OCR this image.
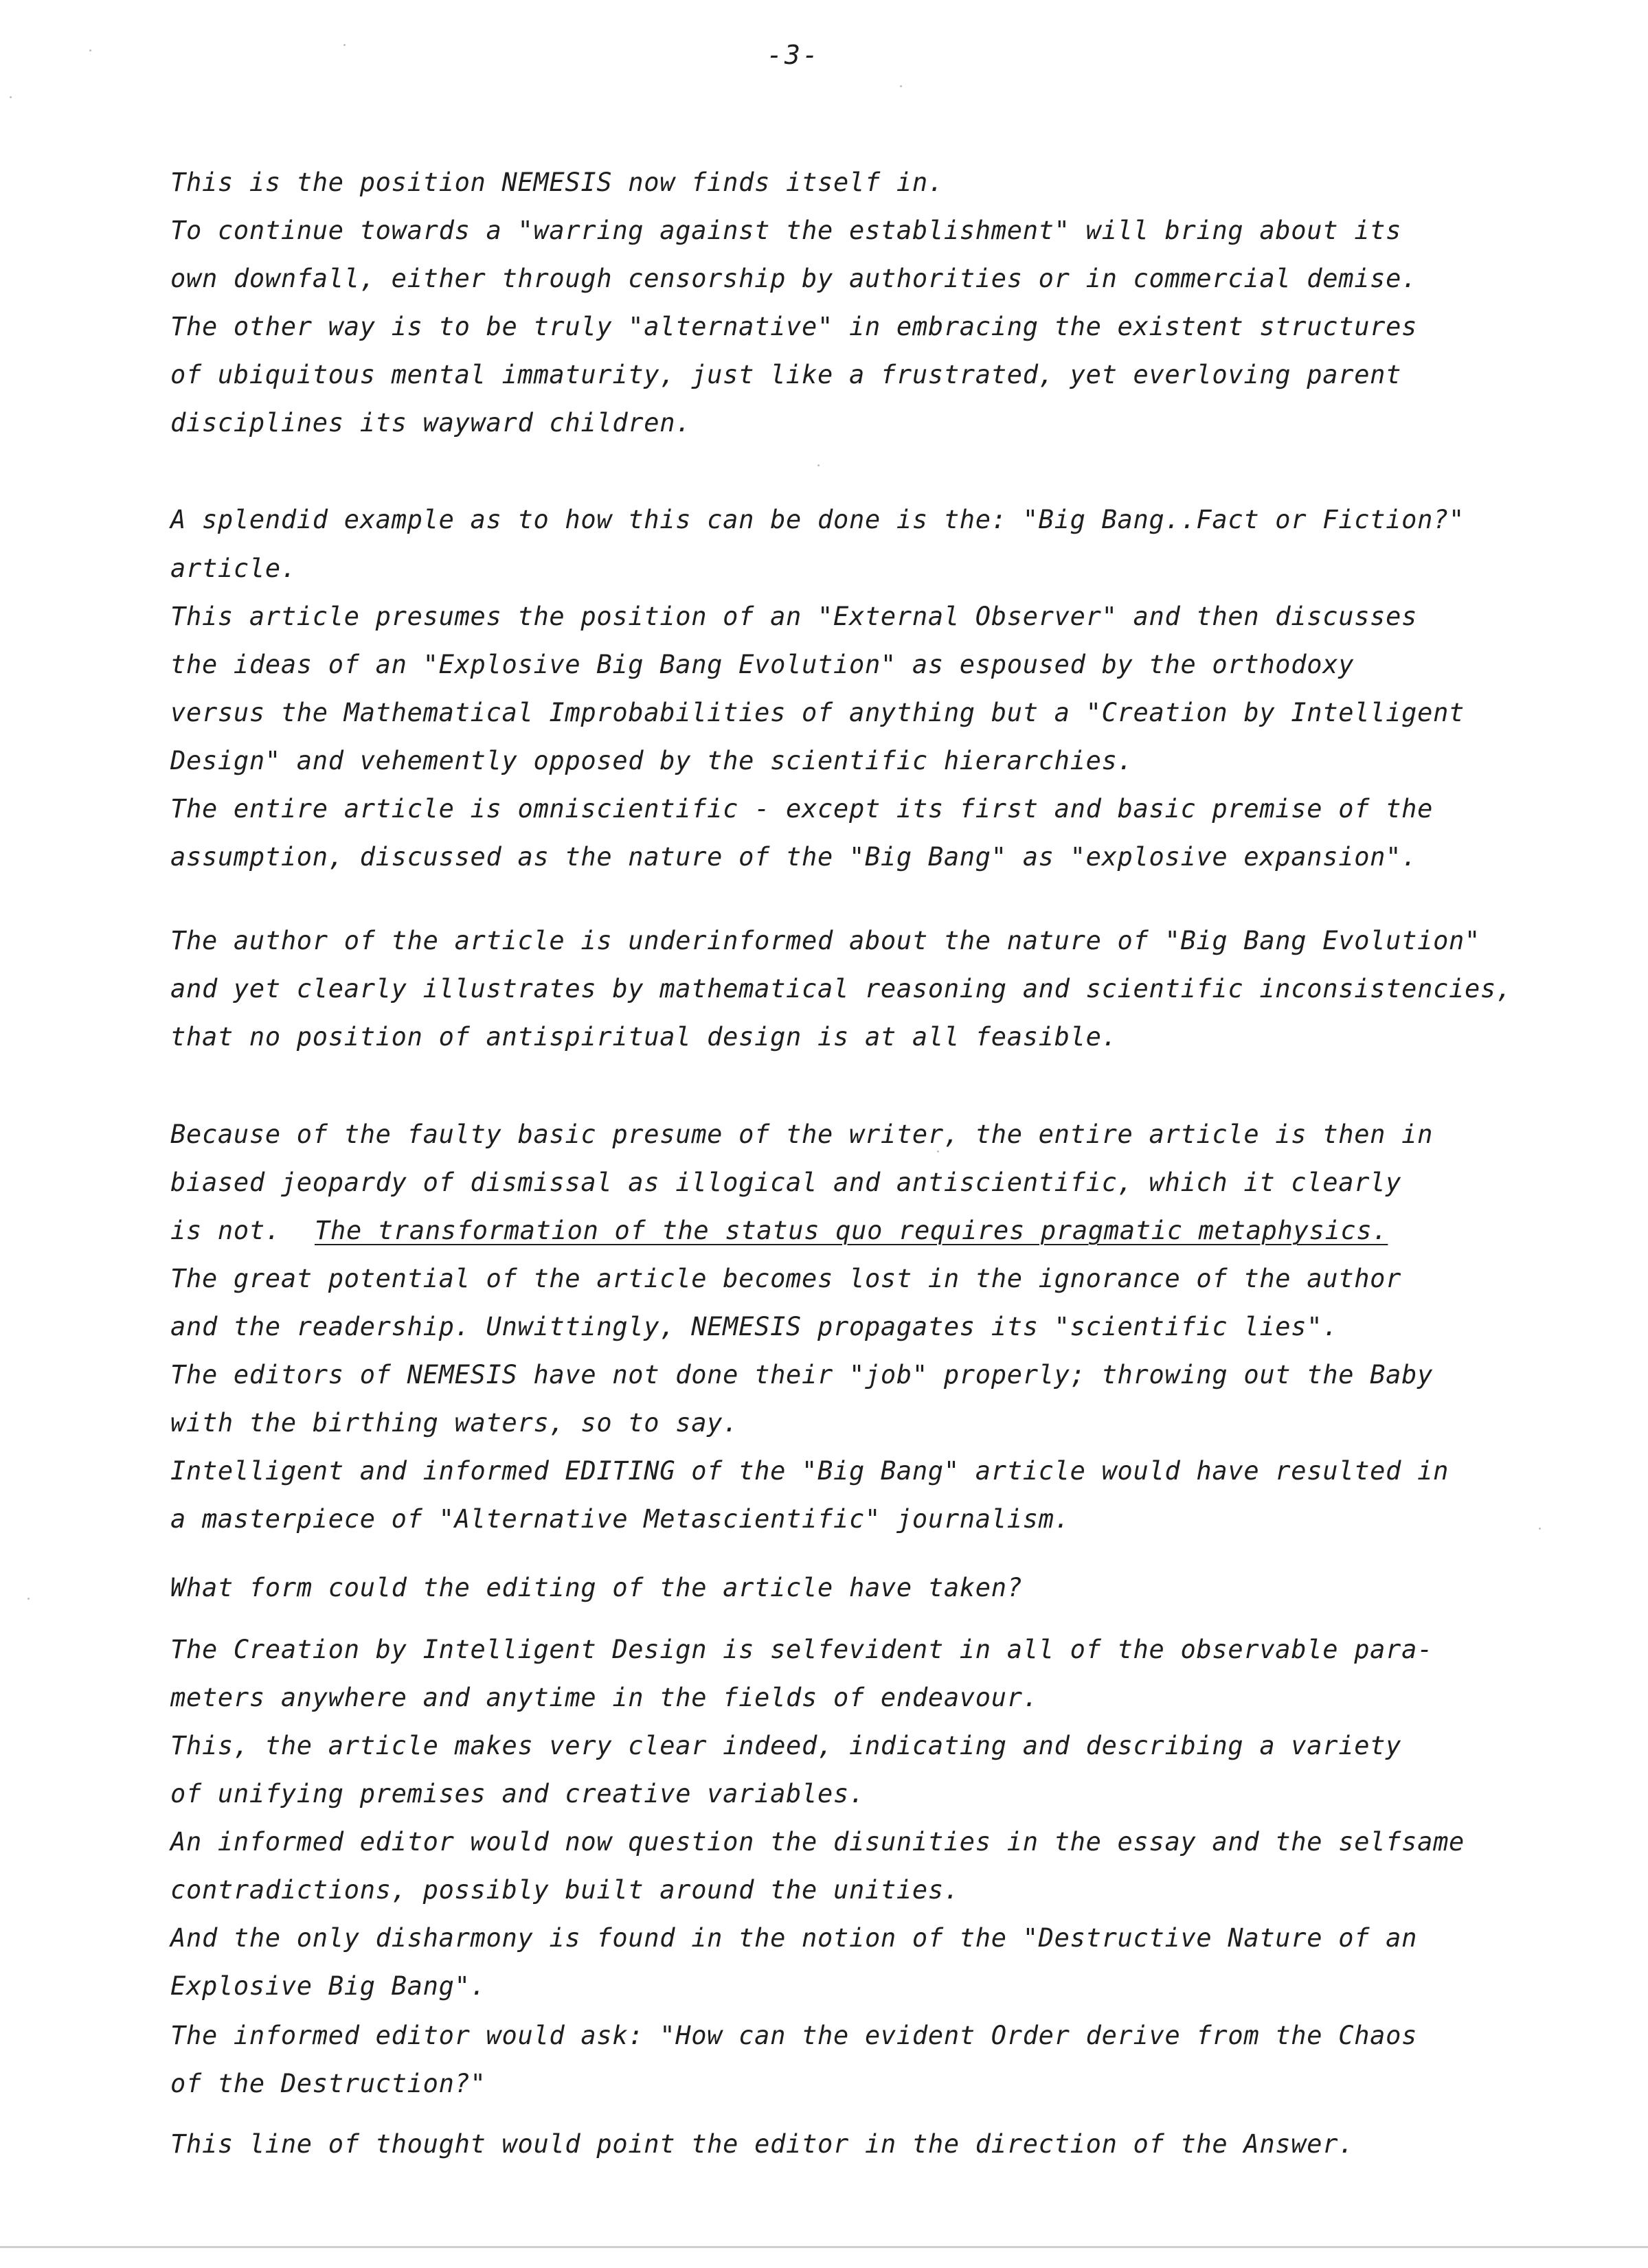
-3-
This is the position NEMESIS now finds itself in.
To continue towards a "warring against the establishment" will bring about its
own downfall, either through censorship by authorities or in commercial demise.
The other way is to be truly "alternative" in embracing the existent structures
of ubiquitous mental immaturity, just like a frustrated, yet everloving parent
disciplines its wayward children.
A splendid example as to how this can be done is the: "Big Bang..Fact or Fiction?"
article.
This article presumes the position of an "External Observer" and then discusses
the ideas of an "Explosive Big Bang Evolution" as espoused by the orthodoxy
versus the Mathematical Improbabilities of anything but a "Creation by Intelligent
Design" and vehemently opposed by the scientific hierarchies.
The entire article is omniscientific - except its first and basic premise of the
assumption, discussed as the nature of the "Big Bang" as "explosive expansion".
The author of the article is underinformed about the nature of "Big Bang Evolution"
and yet clearly illustrates by mathematical reasoning and scientific inconsistencies,
that no position of antispiritual design is at all feasible.
Because of the faulty basic presume of the writer, the entire article is then in
biased jeopardy of dismissal as illogical and antiscientific, which it clearly
is not. The transformation of the status quo requires pragmatic metaphysics.
The great potential of the article becomes lost in the ignorance of the author
and the readership. Unwittingly, NEMESIS propagates its "scientific lies".
The editors of NEMESIS have not done their "job" properly; throwing out the Baby
with the birthing waters, so to say.
Intelligent and informed EDITING of the "Big Bang" article would have resulted in
a masterpiece of "Alternative Metascientific" journalism.
What form could the editing of the article have taken?
The Creation by Intelligent Design is selfevident in all of the observable para-
meters anywhere and anytime in the fields of endeavour.
This, the article makes very clear indeed, indicating and describing a variety
of unifying premises and creative variables.
An informed editor would now question the disunities in the essay and the selfsame
contradictions, possibly built around the unities.
And the only disharmony is found in the notion of the "Destructive Nature of an
Explosive Big Bang".
The informed editor would ask: "How can the evident Order derive from the Chaos
of the Destruction?"
This line of thought would point the editor in the direction of the Answer.
